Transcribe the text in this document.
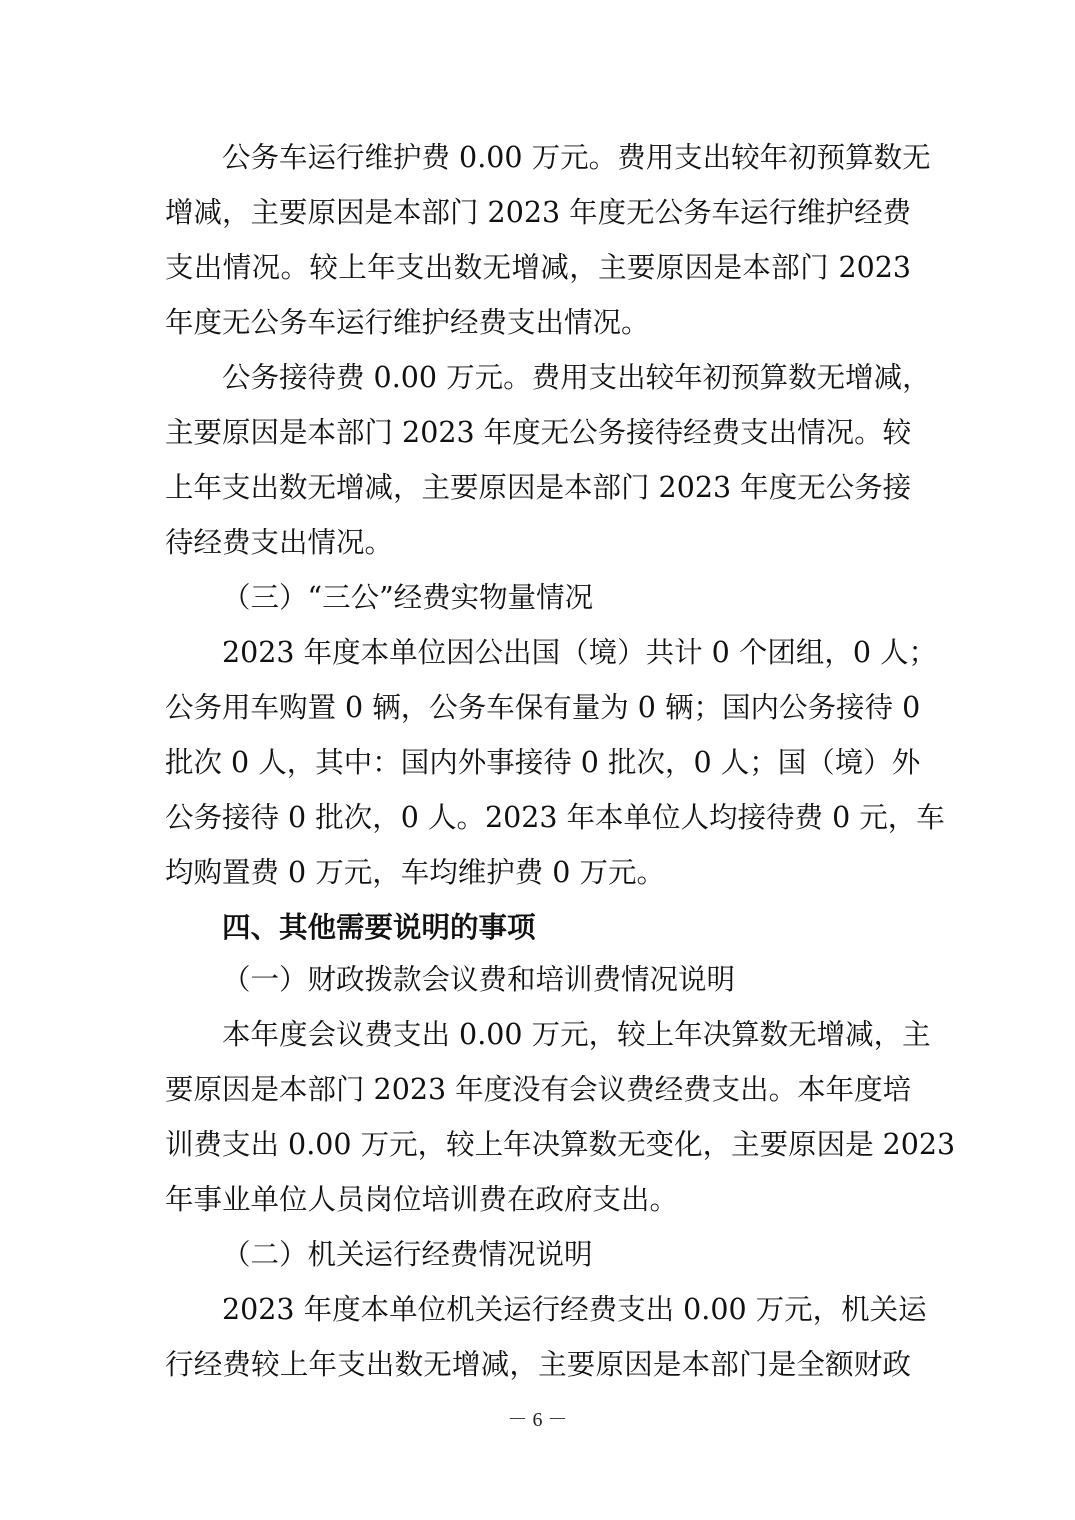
公务车运行维护费 0.00 万元。费用支出较年初预算数无
增减，主要原因是本部门 2023 年度无公务车运行维护经费
支出情况。较上年支出数无增减，主要原因是本部门 2023
年度无公务车运行维护经费支出情况。
公务接待费 0.00 万元。费用支出较年初预算数无增减，
主要原因是本部门 2023 年度无公务接待经费支出情况。较
上年支出数无增减，主要原因是本部门 2023 年度无公务接
待经费支出情况。
（三）“三公”经费实物量情况
2023 年度本单位因公出国（境）共计 0 个团组，0 人；
公务用车购置 0 辆，公务车保有量为 0 辆；国内公务接待 0
批次 0 人，其中：国内外事接待 0 批次，0 人；国（境）外
公务接待 0 批次，0 人。2023 年本单位人均接待费 0 元，车
均购置费 0 万元，车均维护费 0 万元。
四、其他需要说明的事项
（一）财政拨款会议费和培训费情况说明
本年度会议费支出 0.00 万元，较上年决算数无增减，主
要原因是本部门 2023 年度没有会议费经费支出。本年度培
训费支出 0.00 万元，较上年决算数无变化，主要原因是 2023
年事业单位人员岗位培训费在政府支出。
（二）机关运行经费情况说明
2023 年度本单位机关运行经费支出 0.00 万元，机关运
行经费较上年支出数无增减，主要原因是本部门是全额财政
－ 6 －
